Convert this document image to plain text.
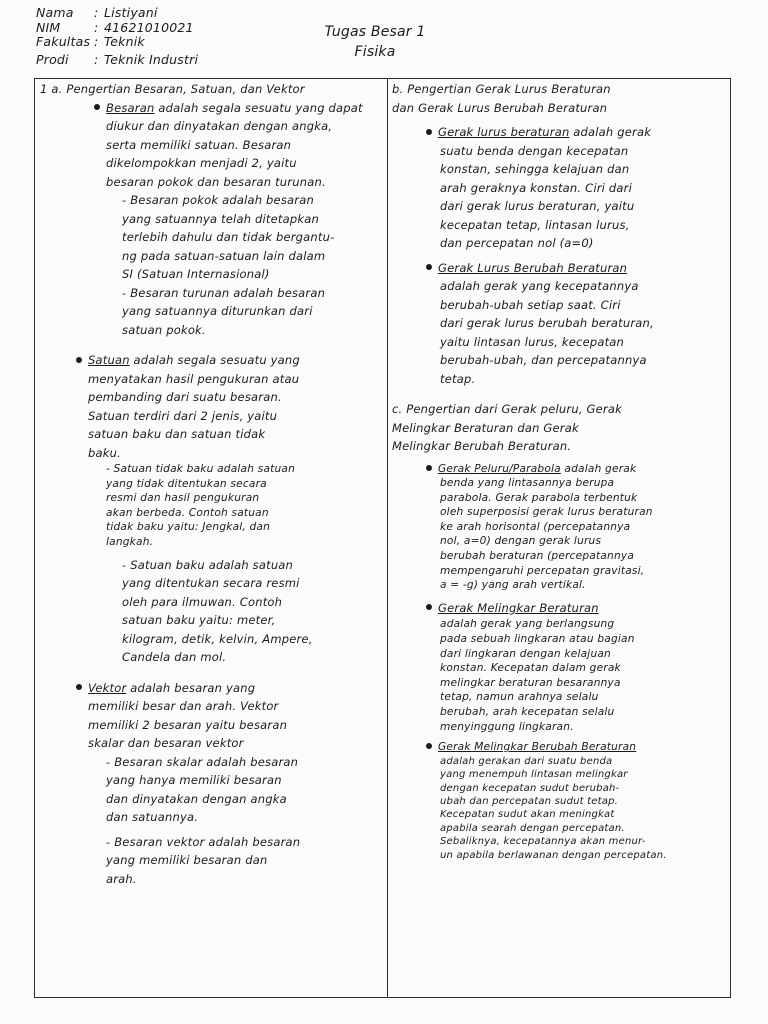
Nama	: Listiyani
NIM	: 41621010021
Fakultas : Teknik
Prodi	: Teknik Industri
Tugas Besar 1
Fisika
1 a. Pengertian Besaran, Satuan, dan Vektor
Besaran adalah segala sesuatu yang dapat
diukur dan dinyatakan dengan angka,
serta memiliki satuan. Besaran
dikelompokkan menjadi 2, yaitu
besaran pokok dan besaran turunan.
- Besaran pokok adalah besaran
yang satuannya telah ditetapkan
terlebih dahulu dan tidak bergantu-
ng pada satuan-satuan lain dalam
SI (Satuan Internasional)
- Besaran turunan adalah besaran
yang satuannya diturunkan dari
satuan pokok.
Satuan adalah segala sesuatu yang
menyatakan hasil pengukuran atau
pembanding dari suatu besaran.
Satuan terdiri dari 2 jenis, yaitu
satuan baku dan satuan tidak
baku.
- Satuan tidak baku adalah satuan
yang tidak ditentukan secara
resmi dan hasil pengukuran
akan berbeda. Contoh satuan
tidak baku yaitu: Jengkal, dan
langkah.
- Satuan baku adalah satuan
yang ditentukan secara resmi
oleh para ilmuwan. Contoh
satuan baku yaitu: meter,
kilogram, detik, kelvin, Ampere,
Candela dan mol.
Vektor adalah besaran yang
memiliki besar dan arah. Vektor
memiliki 2 besaran yaitu besaran
skalar dan besaran vektor
- Besaran skalar adalah besaran
yang hanya memiliki besaran
dan dinyatakan dengan angka
dan satuannya.
- Besaran vektor adalah besaran
yang memiliki besaran dan
arah.
b. Pengertian Gerak Lurus Beraturan
dan Gerak Lurus Berubah Beraturan
Gerak lurus beraturan adalah gerak
suatu benda dengan kecepatan
konstan, sehingga kelajuan dan
arah geraknya konstan. Ciri dari
dari gerak lurus beraturan, yaitu
kecepatan tetap, lintasan lurus,
dan percepatan nol (a=0)
Gerak Lurus Berubah Beraturan
adalah gerak yang kecepatannya
berubah-ubah setiap saat. Ciri
dari gerak lurus berubah beraturan,
yaitu lintasan lurus, kecepatan
berubah-ubah, dan percepatannya
tetap.
c. Pengertian dari Gerak peluru, Gerak
Melingkar Beraturan dan Gerak
Melingkar Berubah Beraturan.
Gerak Peluru/Parabola adalah gerak
benda yang lintasannya berupa
parabola. Gerak parabola terbentuk
oleh superposisi gerak lurus beraturan
ke arah horisontal (percepatannya
nol, a=0) dengan gerak lurus
berubah beraturan (percepatannya
mempengaruhi percepatan gravitasi,
a = -g) yang arah vertikal.
Gerak Melingkar Beraturan
adalah gerak yang berlangsung
pada sebuah lingkaran atau bagian
dari lingkaran dengan kelajuan
konstan. Kecepatan dalam gerak
melingkar beraturan besarannya
tetap, namun arahnya selalu
berubah, arah kecepatan selalu
menyinggung lingkaran.
Gerak Melingkar Berubah Beraturan
adalah gerakan dari suatu benda
yang menempuh lintasan melingkar
dengan kecepatan sudut berubah-
ubah dan percepatan sudut tetap.
Kecepatan sudut akan meningkat
apabila searah dengan percepatan.
Sebaliknya, kecepatannya akan menur-
un apabila berlawanan dengan percepatan.
